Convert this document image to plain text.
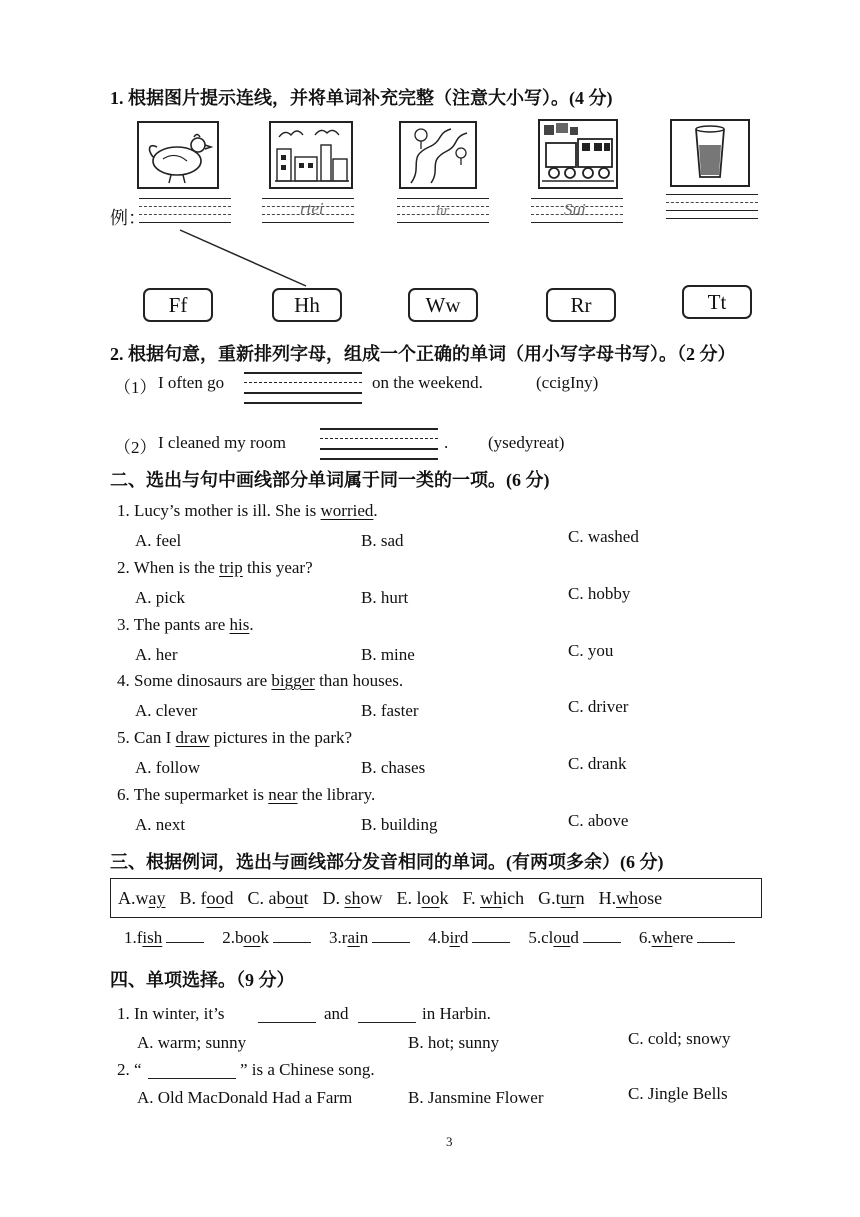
1. 根据图片提示连线，并将单词补充完整（注意大小写）。(4 分)
例：	rtei	hr	Sui
Ff	Hh	Ww	Rr	Tt
2. 根据句意，重新排列字母，组成一个正确的单词（用小写字母书写）。（2 分）
（1） I often go	on the weekend.	(ccigIny)
（2） I cleaned my room	. (ysedyreat)
二、选出与句中画线部分单词属于同一类的一项。(6 分)
1. Lucy’s mother is ill. She is worried.
A. feel	B. sad	C. washed
2. When is the trip this year?
A. pick	B. hurt	C. hobby
3. The pants are his.
A. her	B. mine	C. you
4. Some dinosaurs are bigger than houses.
A. clever	B. faster	C. driver
5. Can I draw pictures in the park?
A. follow	B. chases	C. drank
6. The supermarket is near the library.
A. next	B. building	C. above
三、根据例词，选出与画线部分发音相同的单词。(有两项多余）(6 分)
A.way B. food C. about D. show E. look F. which G.turn H.whose
1.fish	2.book	3.rain	4.bird	5.cloud	6.where
四、单项选择。（9 分）
1. In winter, it’s	and	in Harbin.
A. warm; sunny	B. hot; sunny	C. cold; snowy
2. “	” is a Chinese song.
A. Old MacDonald Had a Farm	B. Jansmine Flower	C. Jingle Bells
3
